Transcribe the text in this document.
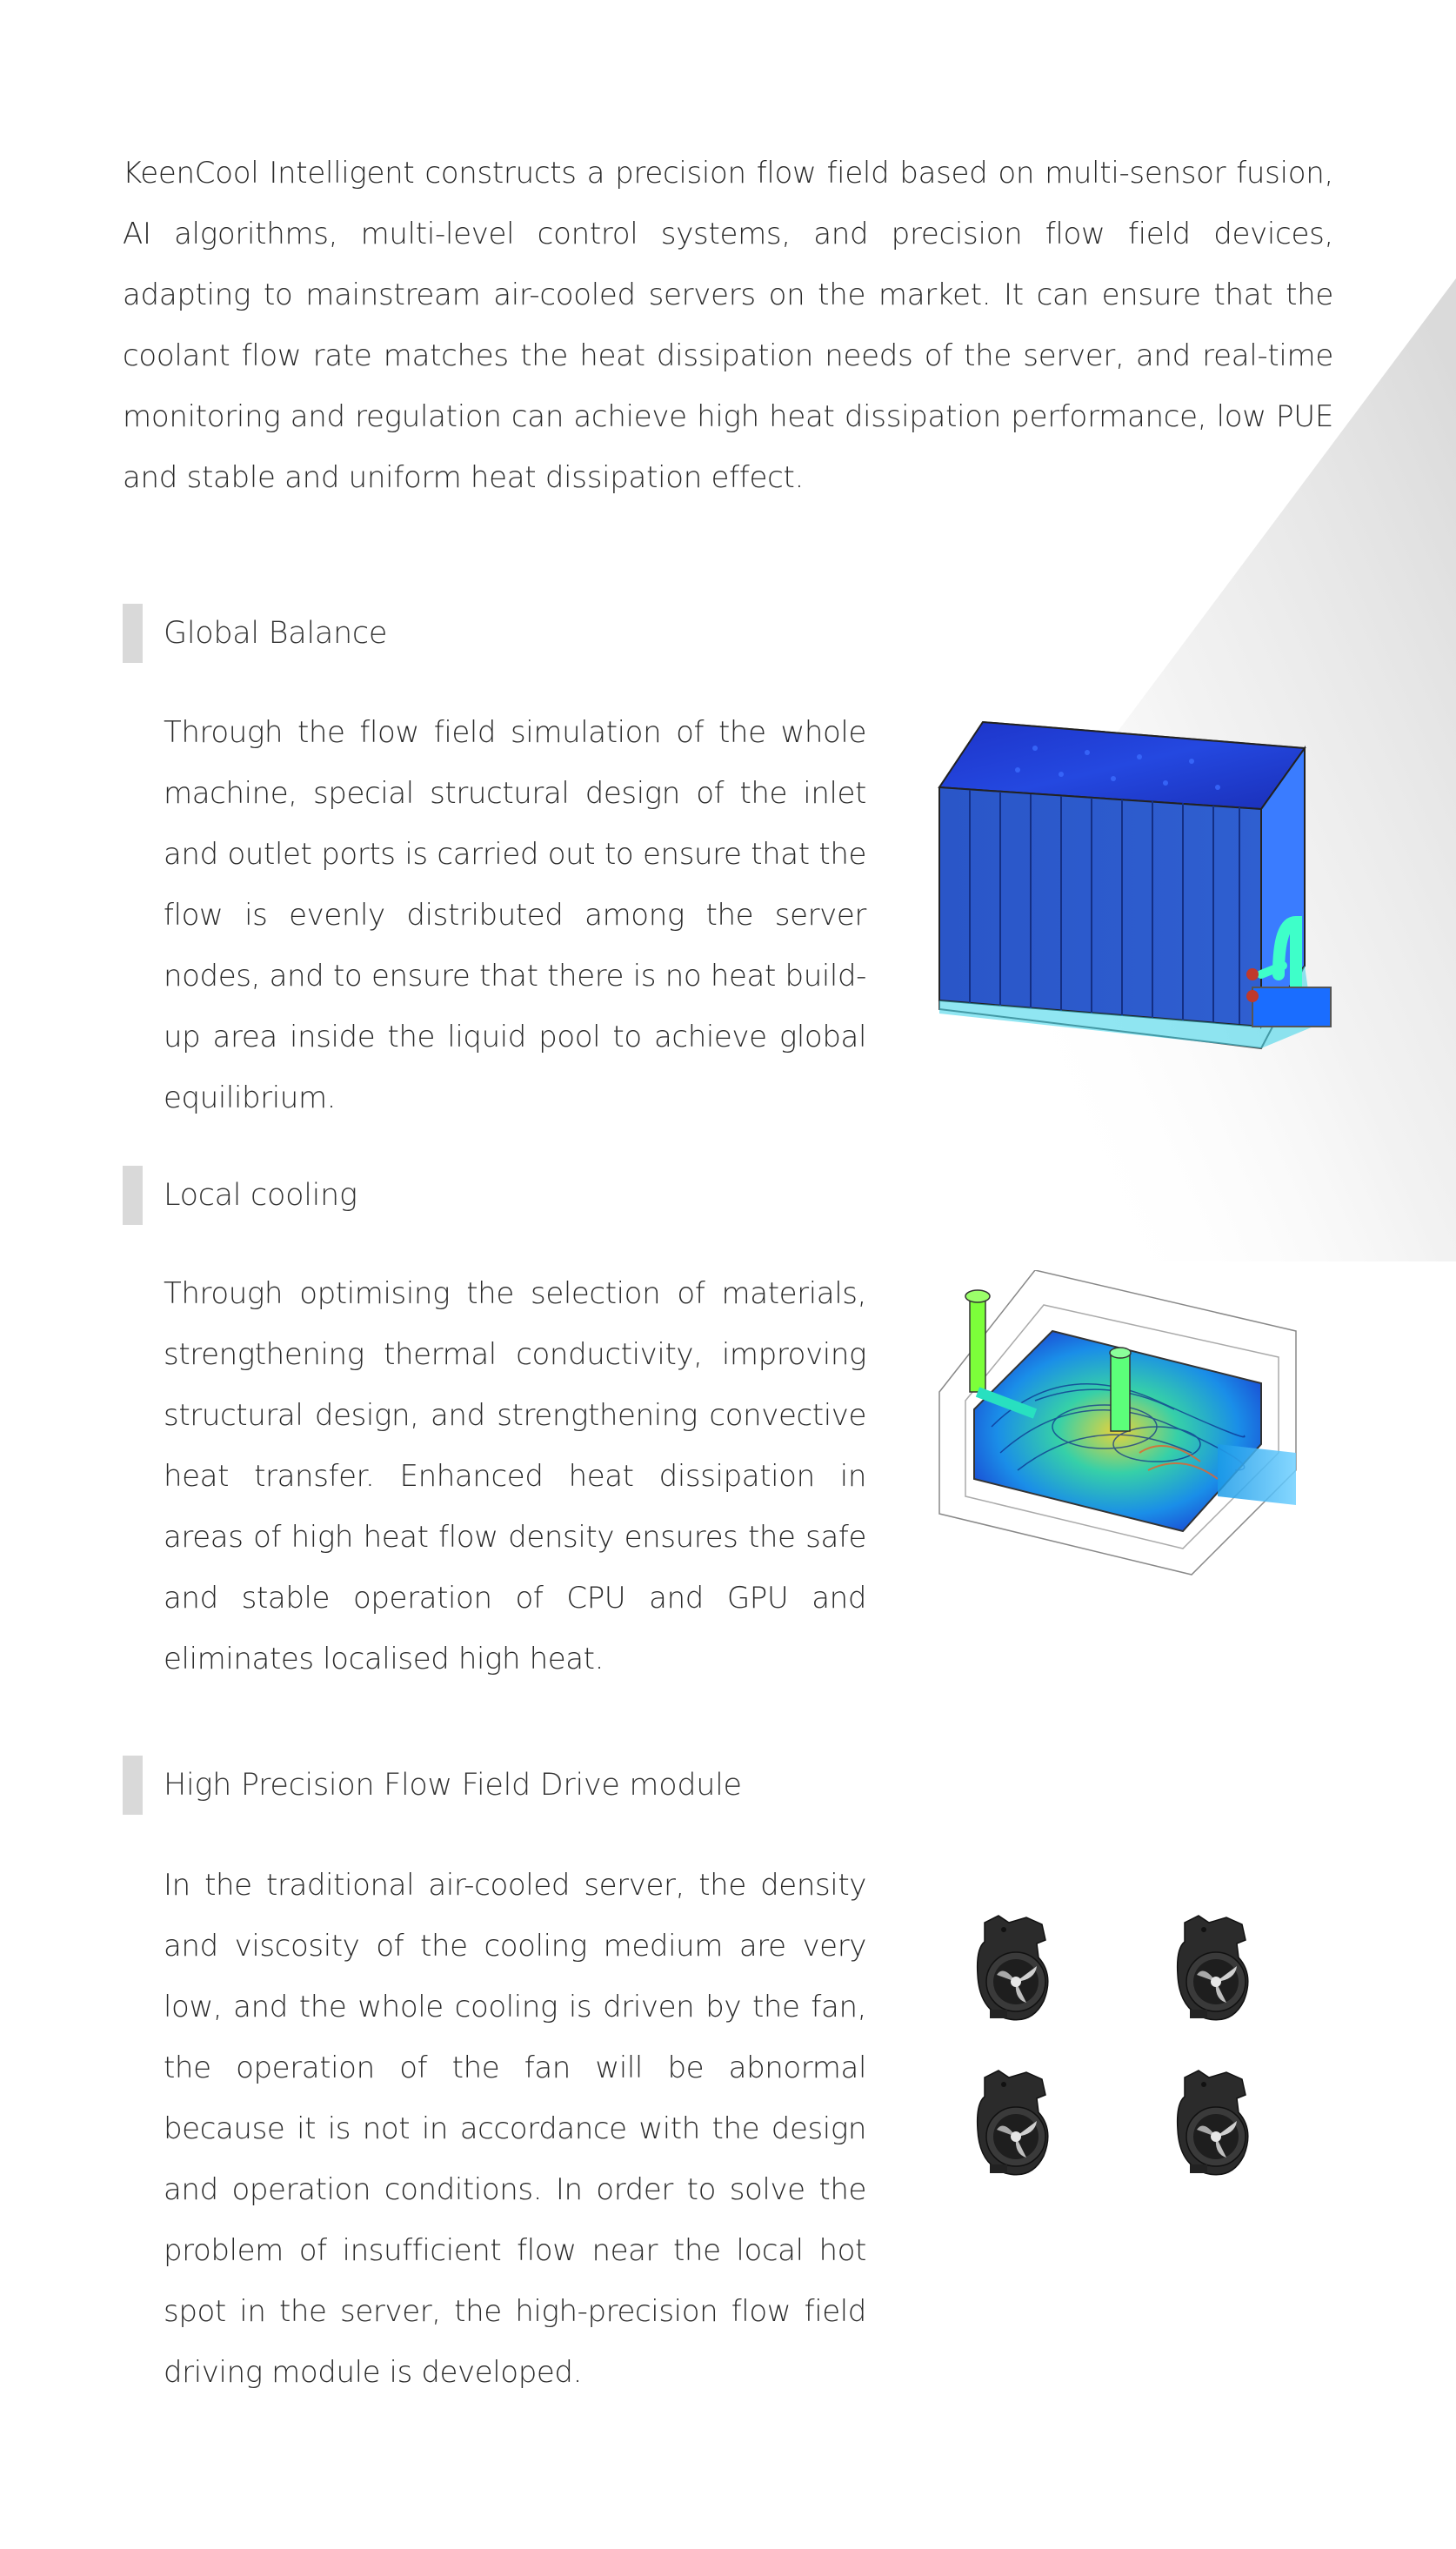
KeenCool Intelligent constructs a precision flow field based on multi-sensor fusion, AI algorithms, multi-level control systems, and precision flow field devices, adapting to mainstream air-cooled servers on the market. It can ensure that the coolant flow rate matches the heat dissipation needs of the server, and real-time monitoring and regulation can achieve high heat dissipation performance, low PUE and stable and uniform heat dissipation effect.

Global Balance

Through the flow field simulation of the whole machine, special structural design of the inlet and outlet ports is carried out to ensure that the flow is evenly distributed among the server nodes, and to ensure that there is no heat build-up area inside the liquid pool to achieve global equilibrium.

Local cooling

Through optimising the selection of materials, strengthening thermal conductivity, improving structural design, and strengthening convective heat transfer. Enhanced heat dissipation in areas of high heat flow density ensures the safe and stable operation of CPU and GPU and eliminates localised high heat.

High Precision Flow Field Drive module

In the traditional air-cooled server, the density and viscosity of the cooling medium are very low, and the whole cooling is driven by the fan, the operation of the fan will be abnormal because it is not in accordance with the design and operation conditions. In order to solve the problem of insufficient flow near the local hot spot in the server, the high-precision flow field driving module is developed.
